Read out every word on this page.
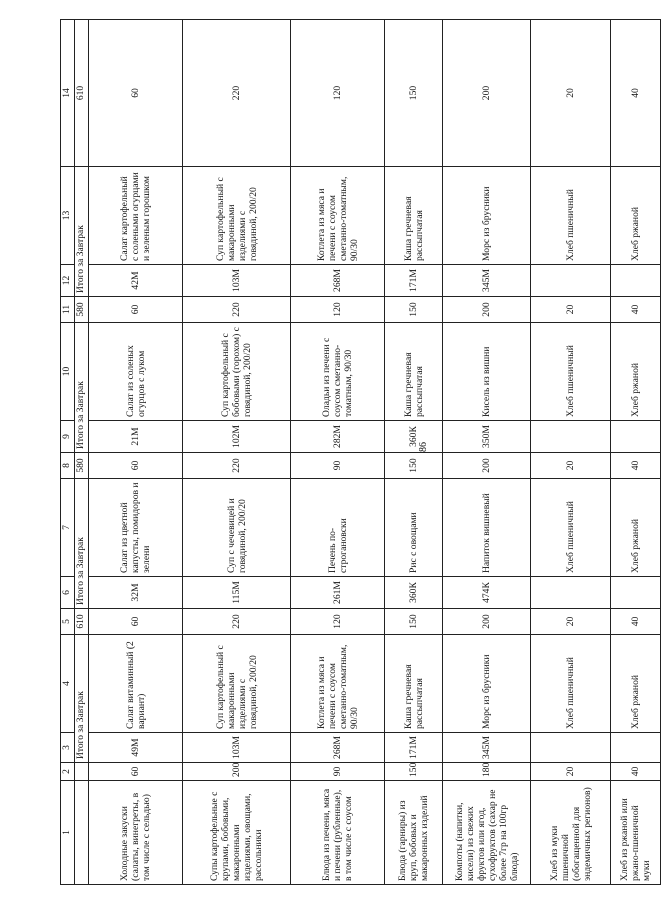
1	2	3	4	5	6	7	8	9	10	11	12	13	14
		Итого за Завтрак		610	Итого за Завтрак		580	Итого за Завтрак		580	Итого за Завтрак		610
Холодные закуски (салаты, винегреты, в том числе с сельдью)	60	49М	Салат витаминный (2 вариант)	60	32М	Салат из цветной капусты, помидоров и зелени	60	21М	Салат из соленых огурцов с луком	60	42М	Салат картофельный с солеными огурцами и зеленым горошком	60
Супы картофельные с крупами, бобовыми, макаронными изделиями, овощами, рассольники	200	103М	Суп картофельный с макаронными изделиями с говядиной, 200/20	220	115М	Суп с чечевицей и говядиной, 200/20	220	102М	Суп картофельный с бобовыми (горохом) с говядиной, 200/20	220	103М	Суп картофельный с макаронными изделиями с говядиной, 200/20	220
Блюда из печени, мяса и печени (рубленные), в том числе с соусом	90	268М	Котлета из мяса и печени с соусом сметанно-томатным, 90/30	120	261М	Печень по-строгановски	90	282М	Оладьи из печени с соусом сметанно-томатным, 90/30	120	268М	Котлета из мяса и печени с соусом сметанно-томатным, 90/30	120
Блюда (гарниры) из круп, бобовых и макаронных изделий	150	171М	Каша гречневая рассыпчатая	150	360К	Рис с овощами	150	360К	Каша гречневая рассыпчатая	150	171М	Каша гречневая рассыпчатая	150
Компоты (напитки, кисели) из свежих фруктов или ягод, сухофруктов (сахар не более 7гр на 100гр блюда)	180	345М	Морс из брусники	200	474К	Напиток вишневый	200	350М	Кисель из вишни	200	345М	Морс из брусники	200
Хлеб из муки пшеничной (обогащенной для эндемичных регионов)	20		Хлеб пшеничный	20		Хлеб пшеничный	20		Хлеб пшеничный	20		Хлеб пшеничный	20
Хлеб из ржаной или ржано-пшеничной муки	40		Хлеб ржаной	40		Хлеб ржаной	40		Хлеб ржаной	40		Хлеб ржаной	40
86
